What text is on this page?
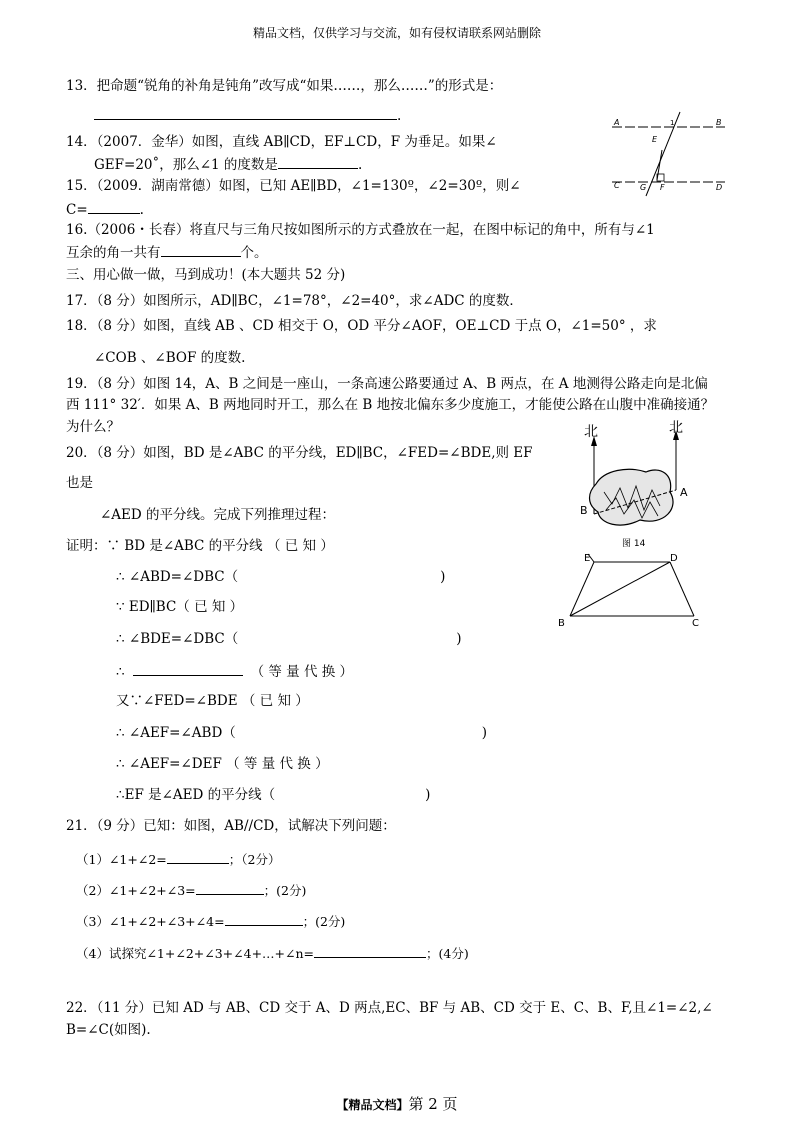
精品文档，仅供学习与交流，如有侵权请联系网站删除
13．把命题“锐角的补角是钝角”改写成“如果……，那么……”的形式是：
.
14．（2007．金华）如图，直线 AB∥CD，EF⊥CD，F 为垂足。如果∠
GEF=20˚，那么∠1 的度数是	.
15．（2009．湖南常德）如图，已知 AE∥BD，∠1=130º，∠2=30º，则∠
C=	.
16.（2006・长春）将直尺与三角尺按如图所示的方式叠放在一起，在图中标记的角中，所有与∠1
互余的角一共有	个。
三、用心做一做，马到成功！(本大题共 52 分)
17．（8 分）如图所示，AD∥BC，∠1=78°，∠2=40°，求∠ADC 的度数．
18．（8 分）如图，直线 AB 、CD 相交于 O，OD 平分∠AOF，OE⊥CD 于点 O，∠1=50° ，求
∠COB 、∠BOF 的度数.
19．（8 分）如图 14，A、B 之间是一座山，一条高速公路要通过 A、B 两点，在 A 地测得公路走向是北偏
西 111° 32′．如果 A、B 两地同时开工，那么在 B 地按北偏东多少度施工，才能使公路在山腹中准确接通？
为什么？
20．（8 分）如图，BD 是∠ABC 的平分线，ED∥BC，∠FED=∠BDE,则 EF
也是
∠AED 的平分线。完成下列推理过程：
证明：∵ BD 是∠ABC 的平分线 （ 已 知 ）
∴ ∠ABD=∠DBC（	)
∵ ED∥BC（ 已 知 ）
∴ ∠BDE=∠DBC（	)
∴	（ 等 量 代 换 ）
又∵∠FED=∠BDE （ 已 知 ）
∴ ∠AEF=∠ABD（	)
∴ ∠AEF=∠DEF （ 等 量 代 换 ）
∴EF 是∠AED 的平分线（	)
21．（9 分）已知：如图，AB//CD，试解决下列问题：
（1）∠1+∠2=	；（2分）
（2）∠1+∠2+∠3=	；(2分)
（3）∠1+∠2+∠3+∠4=	；(2分)
（4）试探究∠1+∠2+∠3+∠4+…+∠n=	；(4分)
22．（11 分）已知 AD 与 AB、CD 交于 A、D 两点,EC、BF 与 AB、CD 交于 E、C、B、F,且∠1=∠2,∠
B=∠C(如图).
A	B
C	D
E
F
G
1
北	北
B
A
图 14
E	D
B	C
【精品文档】第 2 页
